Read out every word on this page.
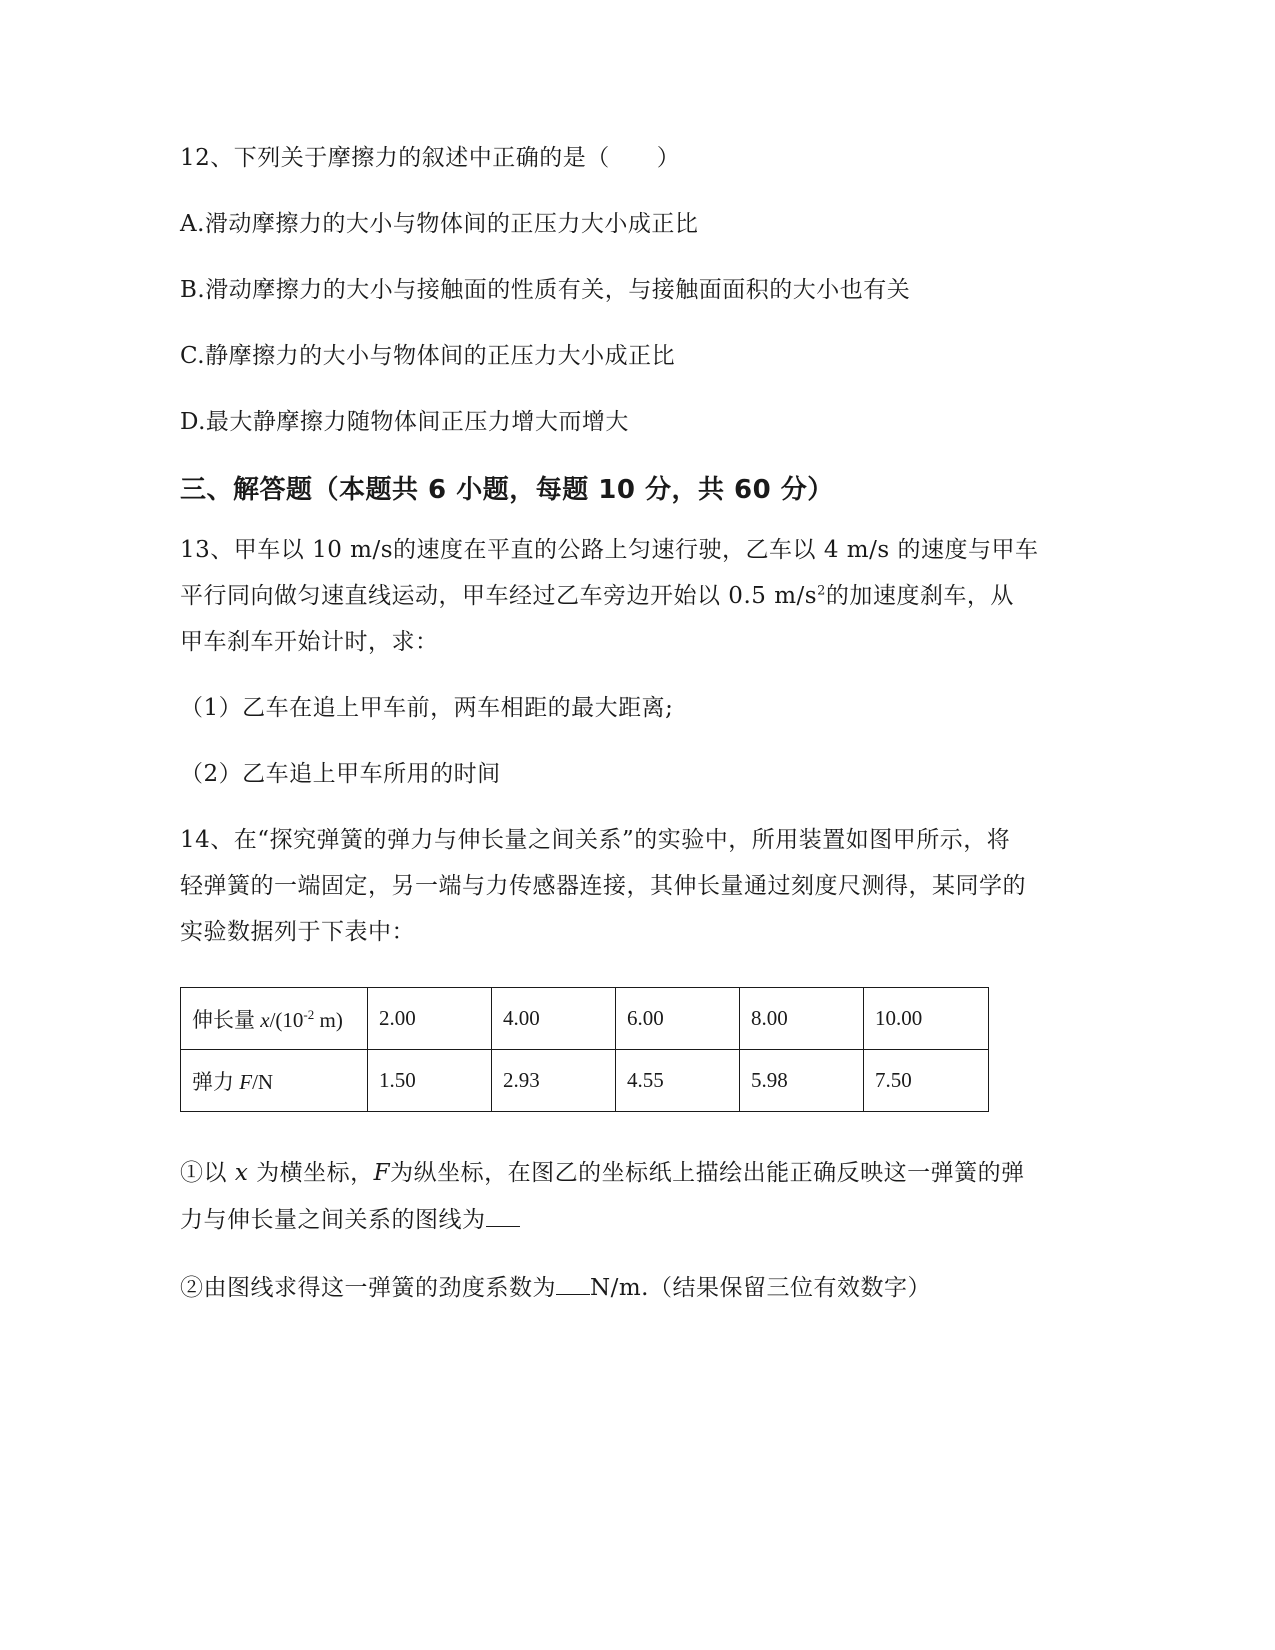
12、下列关于摩擦力的叙述中正确的是（　　）
A.滑动摩擦力的大小与物体间的正压力大小成正比
B.滑动摩擦力的大小与接触面的性质有关，与接触面面积的大小也有关
C.静摩擦力的大小与物体间的正压力大小成正比
D.最大静摩擦力随物体间正压力增大而增大
三、解答题（本题共 6 小题，每题 10 分，共 60 分）
13、甲车以 10 m/s的速度在平直的公路上匀速行驶，乙车以 4 m/s 的速度与甲车
平行同向做匀速直线运动，甲车经过乙车旁边开始以 0.5 $m/s^2$的加速度刹车，从
甲车刹车开始计时，求：
（1）乙车在追上甲车前，两车相距的最大距离;
（2）乙车追上甲车所用的时间
14、在“探究弹簧的弹力与伸长量之间关系”的实验中，所用装置如图甲所示，将
轻弹簧的一端固定，另一端与力传感器连接，其伸长量通过刻度尺测得，某同学的
实验数据列于下表中：
伸长量 $x/(10^{-2}$ m)	2.00	4.00	6.00	8.00	10.00
弹力 F/N	1.50	2.93	4.55	5.98	7.50
①以 x 为横坐标，F为纵坐标，在图乙的坐标纸上描绘出能正确反映这一弹簧的弹
力与伸长量之间关系的图线为
②由图线求得这一弹簧的劲度系数为 N/m.（结果保留三位有效数字）
